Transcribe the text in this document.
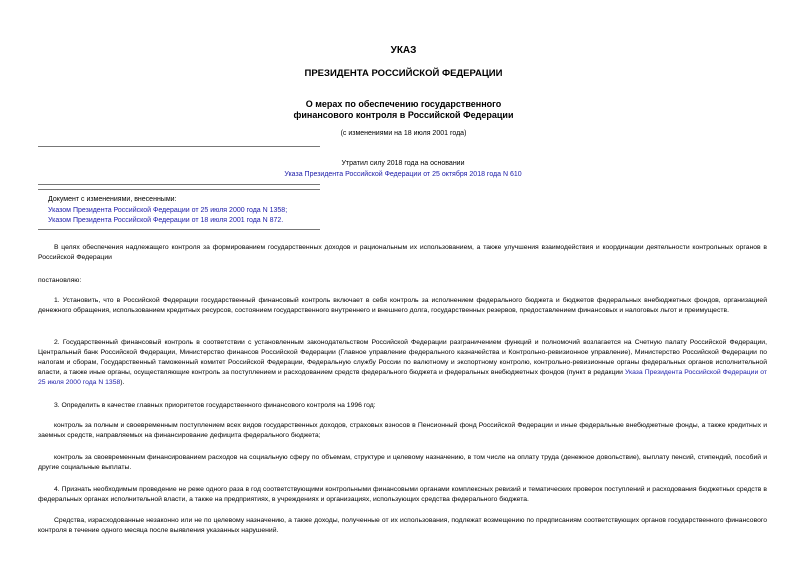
УКАЗ
ПРЕЗИДЕНТА РОССИЙСКОЙ ФЕДЕРАЦИИ
О мерах по обеспечению государственного
финансового контроля в Российской Федерации
(с изменениями на 18 июля 2001 года)
Утратил силу 2018 года на основании
Указа Президента Российской Федерации от 25 октября 2018 года N 610
Документ с изменениями, внесенными:
Указом Президента Российской Федерации от 25 июля 2000 года N 1358;
Указом Президента Российской Федерации от 18 июля 2001 года N 872.

В целях обеспечения надлежащего контроля за формированием государственных доходов и рациональным их использованием, а также улучшения взаимодействия и координации деятельности контрольных органов в Российской Федерации

постановляю:

1. Установить, что в Российской Федерации государственный финансовый контроль включает в себя контроль за исполнением федерального бюджета и бюджетов федеральных внебюджетных фондов, организацией денежного обращения, использованием кредитных ресурсов, состоянием государственного внутреннего и внешнего долга, государственных резервов, предоставлением финансовых и налоговых льгот и преимуществ.

2. Государственный финансовый контроль в соответствии с установленным законодательством Российской Федерации разграничением функций и полномочий возлагается на Счетную палату Российской Федерации, Центральный банк Российской Федерации, Министерство финансов Российской Федерации (Главное управление федерального казначейства и Контрольно-ревизионное управление), Министерство Российской Федерации по налогам и сборам, Государственный таможенный комитет Российской Федерации, Федеральную службу России по валютному и экспортному контролю, контрольно-ревизионные органы федеральных органов исполнительной власти, а также иные органы, осуществляющие контроль за поступлением и расходованием средств федерального бюджета и федеральных внебюджетных фондов (пункт в редакции Указа Президента Российской Федерации от 25 июля 2000 года N 1358).

3. Определить в качестве главных приоритетов государственного финансового контроля на 1996 год:

контроль за полным и своевременным поступлением всех видов государственных доходов, страховых взносов в Пенсионный фонд Российской Федерации и иные федеральные внебюджетные фонды, а также кредитных и заемных средств, направляемых на финансирование дефицита федерального бюджета;

контроль за своевременным финансированием расходов на социальную сферу по объемам, структуре и целевому назначению, в том числе на оплату труда (денежное довольствие), выплату пенсий, стипендий, пособий и другие социальные выплаты.

4. Признать необходимым проведение не реже одного раза в год соответствующими контрольными финансовыми органами комплексных ревизий и тематических проверок поступлений и расходования бюджетных средств в федеральных органах исполнительной власти, а также на предприятиях, в учреждениях и организациях, использующих средства федерального бюджета.

Средства, израсходованные незаконно или не по целевому назначению, а также доходы, полученные от их использования, подлежат возмещению по предписаниям соответствующих органов государственного финансового контроля в течение одного месяца после выявления указанных нарушений.
